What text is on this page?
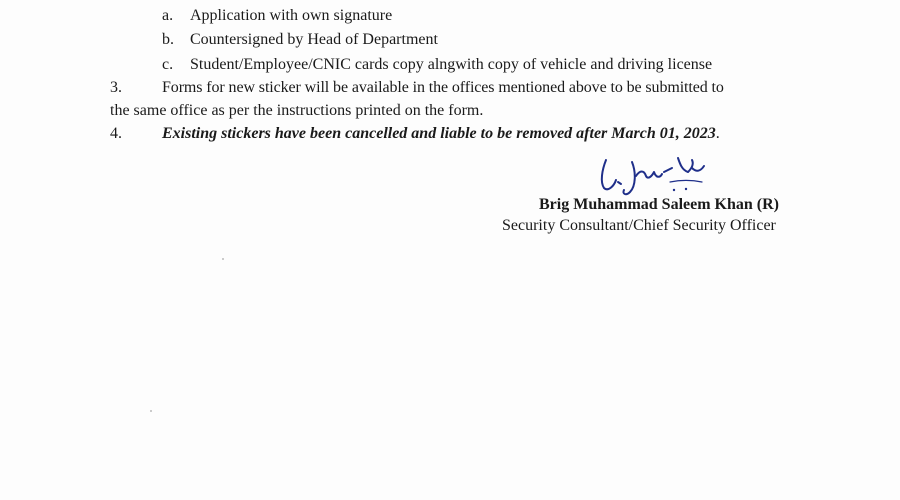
a. Application with own signature
b. Countersigned by Head of Department
c. Student/Employee/CNIC cards copy alngwith copy of vehicle and driving license
3.	Forms for new sticker will be available in the offices mentioned above to be submitted to
the same office as per the instructions printed on the form.
4.	Existing stickers have been cancelled and liable to be removed after March 01, 2023.
Brig Muhammad Saleem Khan (R)
Security Consultant/Chief Security Officer
